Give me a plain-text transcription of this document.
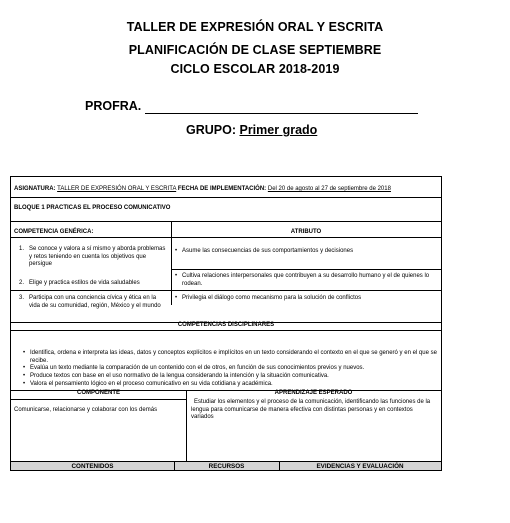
TALLER DE EXPRESIÓN ORAL Y ESCRITA
PLANIFICACIÓN DE CLASE SEPTIEMBRE
CICLO ESCOLAR 2018-2019
PROFRA.
GRUPO: Primer grado
ASIGNATURA: TALLER DE EXPRESIÓN ORAL Y ESCRITA FECHA DE IMPLEMENTACIÓN: Del 20 de agosto al 27 de septiembre de 2018
BLOQUE 1 PRACTICAS EL PROCESO COMUNICATIVO
COMPETENCIA GENÉRICA:	ATRIBUTO
1. Se conoce y valora a sí mismo y aborda problemas y retos teniendo en cuenta los objetivos que persigue
• Asume las consecuencias de sus comportamientos y decisiones
2. Elige y practica estilos de vida saludables
• Cultiva relaciones interpersonales que contribuyen a su desarrollo humano y el de quienes lo rodean.
3. Participa con una conciencia cívica y ética en la vida de su comunidad, región, México y el mundo
• Privilegia el diálogo como mecanismo para la solución de conflictos
COMPETENCIAS DISCIPLINARES
• Identifica, ordena e interpreta las ideas, datos y conceptos explícitos e implícitos en un texto considerando el contexto en el que se generó y en el que se recibe.
• Evalúa un texto mediante la comparación de un contenido con el de otros, en función de sus conocimientos previos y nuevos.
• Produce textos con base en el uso normativo de la lengua considerando la intención y la situación comunicativa.
• Valora el pensamiento lógico en el proceso comunicativo en su vida cotidiana y académica.
COMPONENTE	APRENDIZAJE ESPERADO
Comunicarse, relacionarse y colaborar con los demás
Estudiar los elementos y el proceso de la comunicación, identificando las funciones de la lengua para comunicarse de manera efectiva con distintas personas y en contextos variados
CONTENIDOS	RECURSOS	EVIDENCIAS Y EVALUACIÓN
